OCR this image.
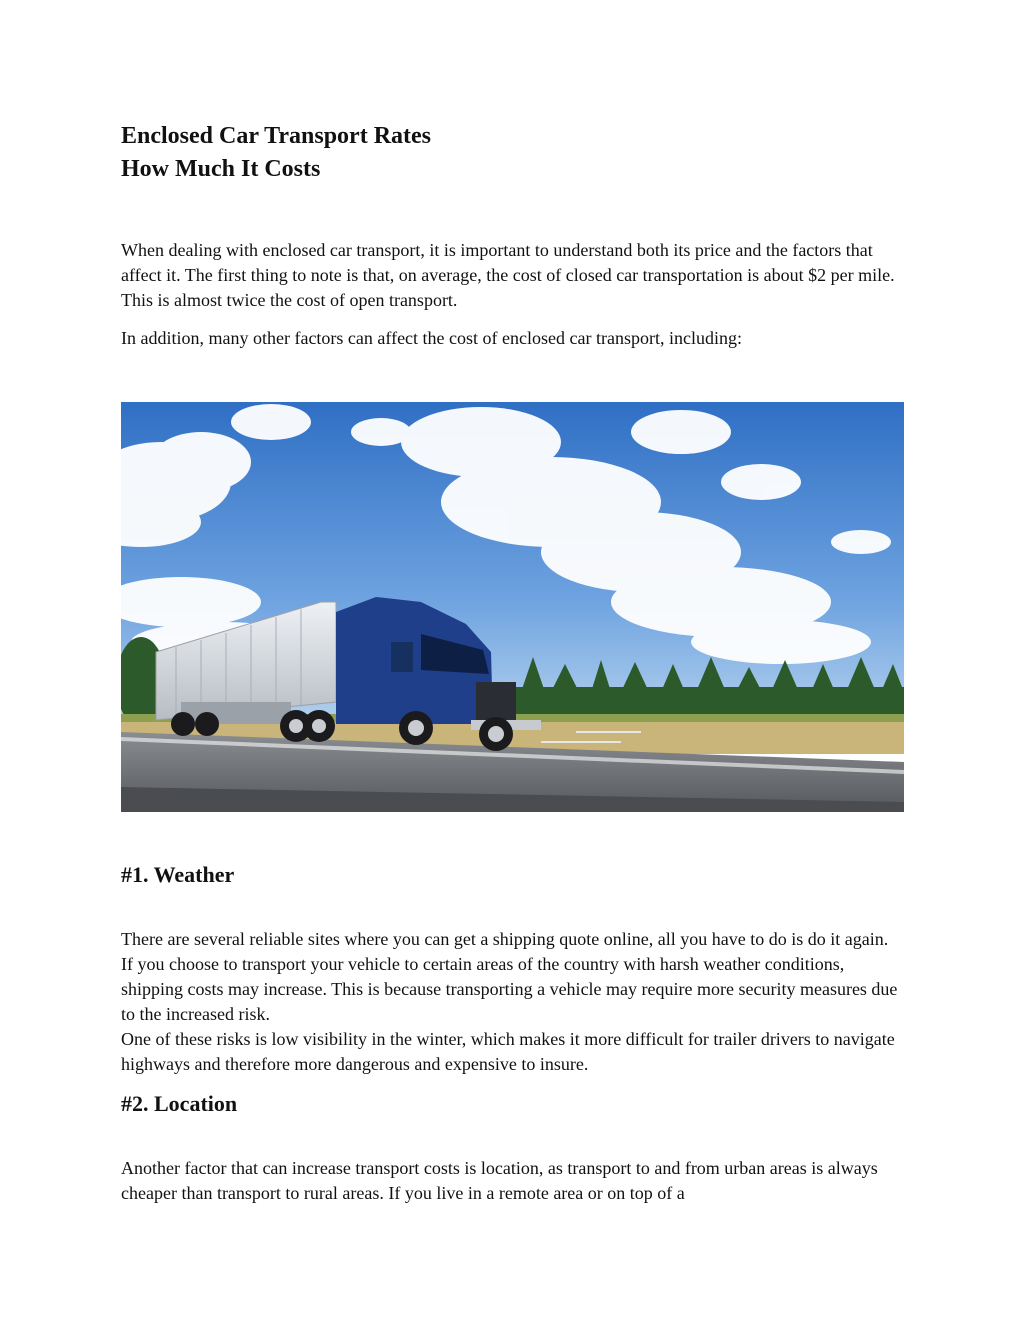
Enclosed Car Transport Rates
How Much It Costs

When dealing with enclosed car transport, it is important to understand both its price and the factors that affect it. The first thing to note is that, on average, the cost of closed car transportation is about $2 per mile. This is almost twice the cost of open transport.

In addition, many other factors can affect the cost of enclosed car transport, including:

#1. Weather

There are several reliable sites where you can get a shipping quote online, all you have to do is do it again. If you choose to transport your vehicle to certain areas of the country with harsh weather conditions, shipping costs may increase. This is because transporting a vehicle may require more security measures due to the increased risk.

One of these risks is low visibility in the winter, which makes it more difficult for trailer drivers to navigate highways and therefore more dangerous and expensive to insure.

#2. Location

Another factor that can increase transport costs is location, as transport to and from urban areas is always cheaper than transport to rural areas. If you live in a remote area or on top of a
